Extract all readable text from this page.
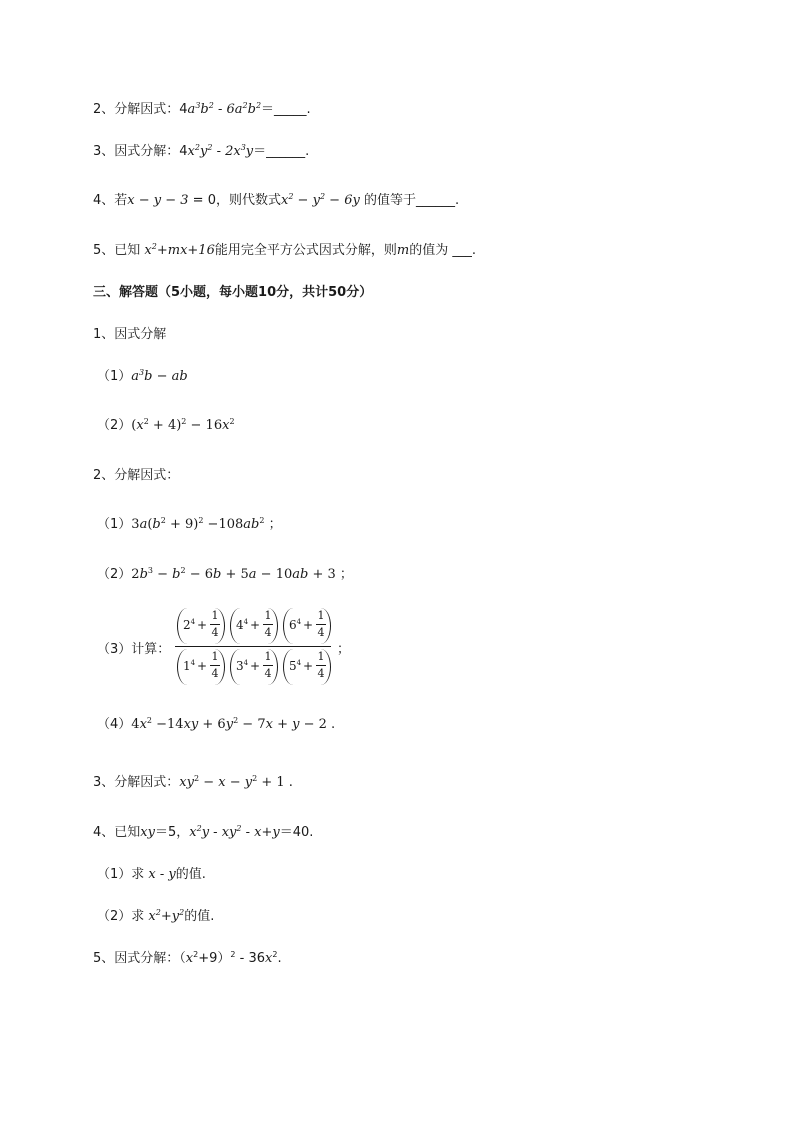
2、分解因式：$4a^3b^2$ - $6a^2b^2=\_\_\_\_\_$.
3、因式分解：$4x^2y^2$ - $2x^3y=\_\_\_\_\_\_$.
4、若x − y − 3 = 0，则代数式$x^2 - y^2 - 6y$ 的值等于______.
5、已知 $x^2+mx+16$能用完全平方公式因式分解，则m的值为 ___.
三、解答题（5小题，每小题10分，共计50分）
1、因式分解
$(1)a^3b$ − ab
$(2)(x^2 + 4)^2 - 16x^2$
2、分解因式：
$(1)3a(b^2 + 9)^2 -108ab^2$ ；
$(2)2b^3 - b^2 - 6b + 5a - 10ab + 3$ ；
（3）计算：
$2^4$ +
1
4
$4^4$ +
1
4
$6^4$ +
1
4
$1^4$ +
1
4
$3^4$ +
1
4
$5^4$ +
1
4
；
$(4)4x^2 -14xy + 6y^2 - 7x + y - 2$ .
3、分解因式：$xy^2 - x - y^2 + 1$ .
4、已知xy＝5，$x^2y - xy^2 - x+y=40$.
（1）求 x - y的值.
（2）求 $x^2+y^2$的值.
5、因式分解：$(x^2+9)^2 - 36x^2$.
